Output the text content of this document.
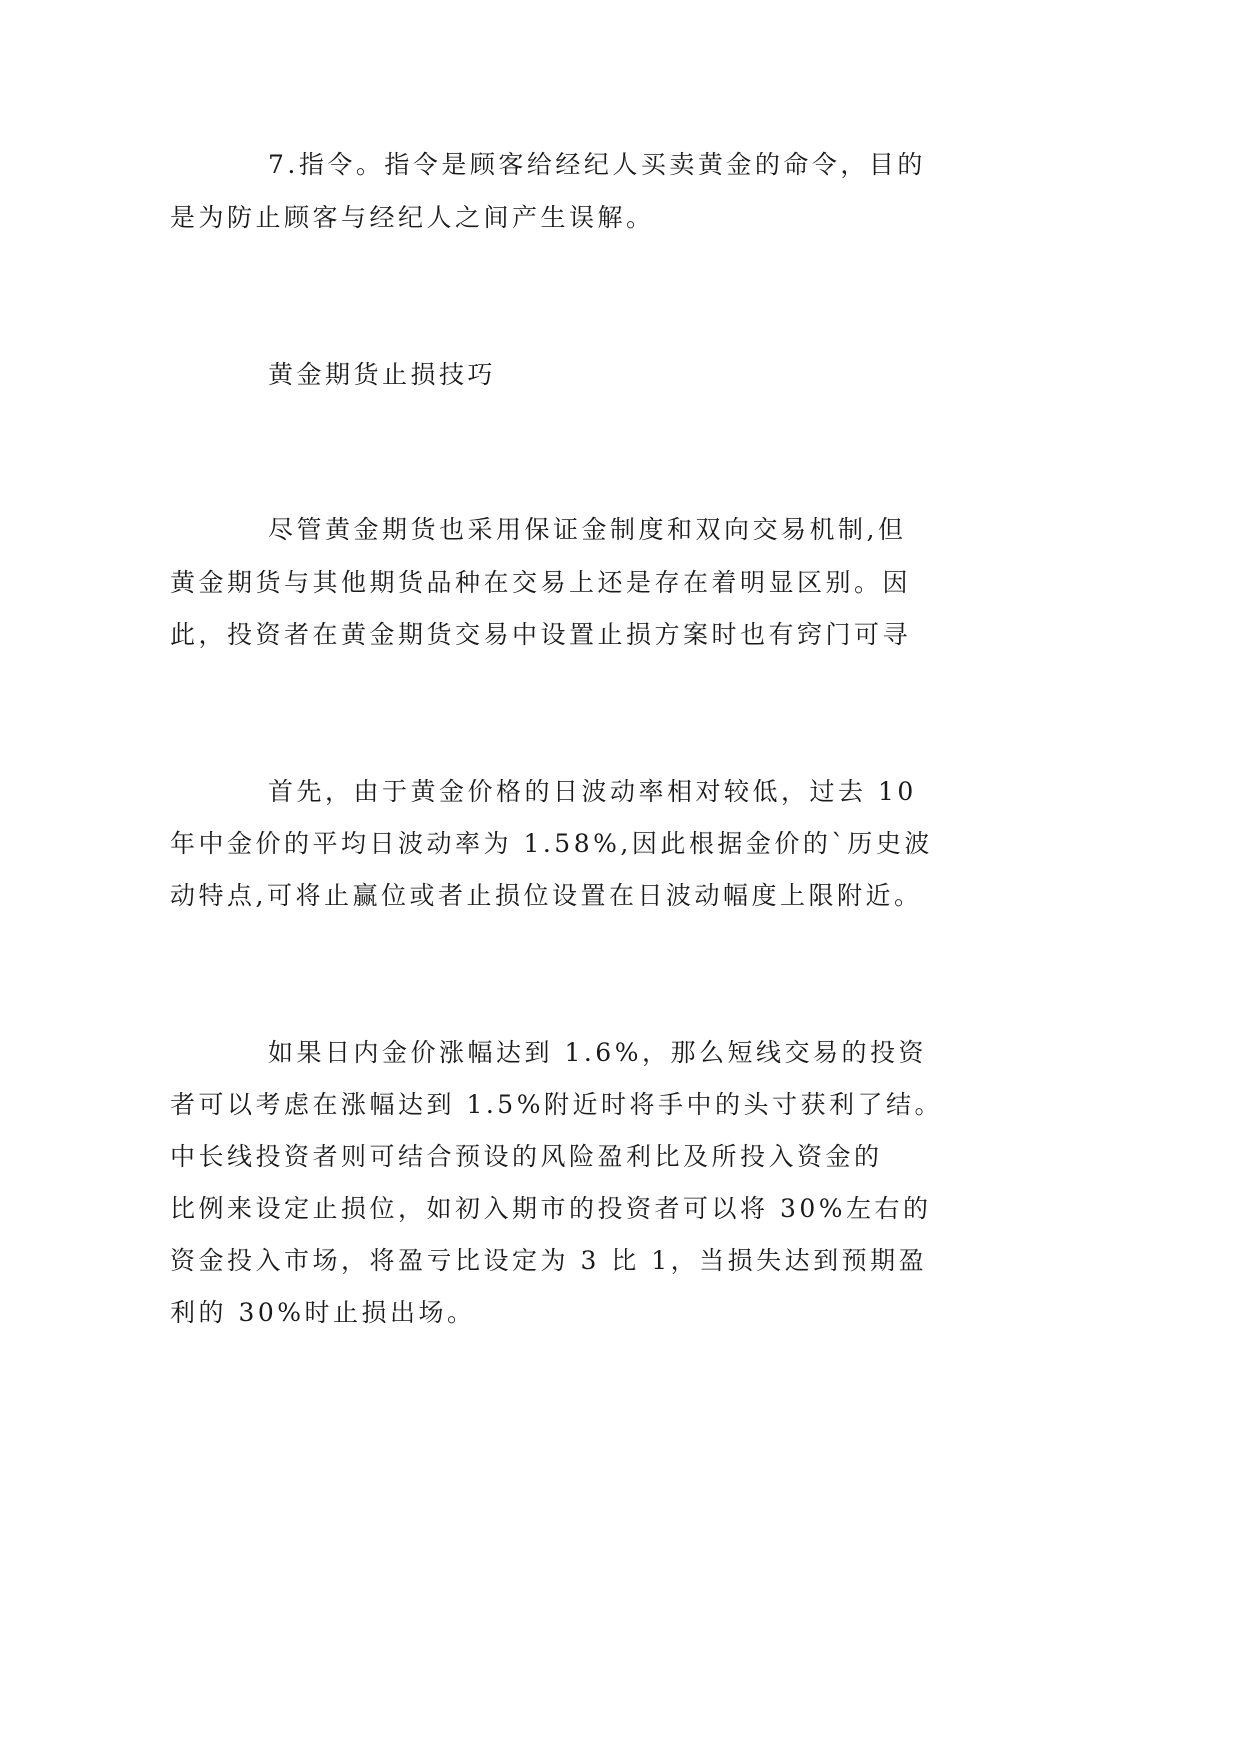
7.指令。指令是顾客给经纪人买卖黄金的命令，目的

是为防止顾客与经纪人之间产生误解。

黄金期货止损技巧

尽管黄金期货也采用保证金制度和双向交易机制,但

黄金期货与其他期货品种在交易上还是存在着明显区别。因

此，投资者在黄金期货交易中设置止损方案时也有窍门可寻

首先，由于黄金价格的日波动率相对较低，过去 10

年中金价的平均日波动率为 1.58%,因此根据金价的`历史波

动特点,可将止赢位或者止损位设置在日波动幅度上限附近。

如果日内金价涨幅达到 1.6%，那么短线交易的投资

者可以考虑在涨幅达到 1.5%附近时将手中的头寸获利了结。

中长线投资者则可结合预设的风险盈利比及所投入资金的

比例来设定止损位，如初入期市的投资者可以将 30%左右的

资金投入市场，将盈亏比设定为 3 比 1，当损失达到预期盈

利的 30%时止损出场。
